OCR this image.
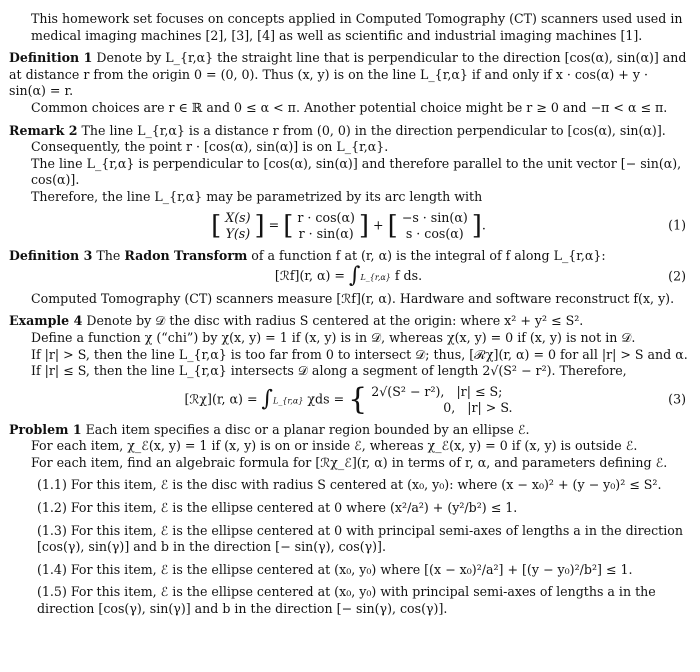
This homework set focuses on concepts applied in Computed Tomography (CT) scanners used used in medical imaging machines [2], [3], [4] as well as scientific and industrial imaging machines [1].

Definition 1 Denote by L_{r,α} the straight line that is perpendicular to the direction [cos(α), sin(α)] and at distance r from the origin 0 = (0, 0). Thus (x, y) is on the line L_{r,α} if and only if x · cos(α) + y · sin(α) = r.

Common choices are r ∈ ℝ and 0 ≤ α < π. Another potential choice might be r ≥ 0 and −π < α ≤ π.

Remark 2 The line L_{r,α} is a distance r from (0, 0) in the direction perpendicular to [cos(α), sin(α)].

Consequently, the point r · [cos(α), sin(α)] is on L_{r,α}.

The line L_{r,α} is perpendicular to [cos(α), sin(α)] and therefore parallel to the unit vector [− sin(α), cos(α)].

Therefore, the line L_{r,α} may be parametrized by its arc length with

[ X(s)
Y(s) ] = [ r · cos(α)
r · sin(α) ] + [ −s · sin(α)
s · cos(α) ].	(1)

Definition 3 The Radon Transform of a function f at (r, α) is the integral of f along L_{r,α}:

[ℛf](r, α) = ∫L_{r,α} f ds.	(2)

Computed Tomography (CT) scanners measure [ℛf](r, α). Hardware and software reconstruct f(x, y).

Example 4 Denote by 𝒟 the disc with radius S centered at the origin: where x² + y² ≤ S².

Define a function χ (“chi”) by χ(x, y) = 1 if (x, y) is in 𝒟, whereas χ(x, y) = 0 if (x, y) is not in 𝒟.

If |r| > S, then the line L_{r,α} is too far from 0 to intersect 𝒟; thus, [ℛχ](r, α) = 0 for all |r| > S and α.

If |r| ≤ S, then the line L_{r,α} intersects 𝒟 along a segment of length 2√(S² − r²). Therefore,

[ℛχ](r, α) = ∫L_{r,α} χds = { 2√(S² − r²), |r| ≤ S;
0, |r| > S.
(3)

Problem 1 Each item specifies a disc or a planar region bounded by an ellipse ℰ.

For each item, χ_ℰ(x, y) = 1 if (x, y) is on or inside ℰ, whereas χ_ℰ(x, y) = 0 if (x, y) is outside ℰ.

For each item, find an algebraic formula for [ℛχ_ℰ](r, α) in terms of r, α, and parameters defining ℰ.

(1.1) For this item, ℰ is the disc with radius S centered at (x₀, y₀): where (x − x₀)² + (y − y₀)² ≤ S².

(1.2) For this item, ℰ is the ellipse centered at 0 where (x²/a²) + (y²/b²) ≤ 1.

(1.3) For this item, ℰ is the ellipse centered at 0 with principal semi-axes of lengths a in the direction [cos(γ), sin(γ)] and b in the direction [− sin(γ), cos(γ)].

(1.4) For this item, ℰ is the ellipse centered at (x₀, y₀) where [(x − x₀)²/a²] + [(y − y₀)²/b²] ≤ 1.

(1.5) For this item, ℰ is the ellipse centered at (x₀, y₀) with principal semi-axes of lengths a in the direction [cos(γ), sin(γ)] and b in the direction [− sin(γ), cos(γ)].
